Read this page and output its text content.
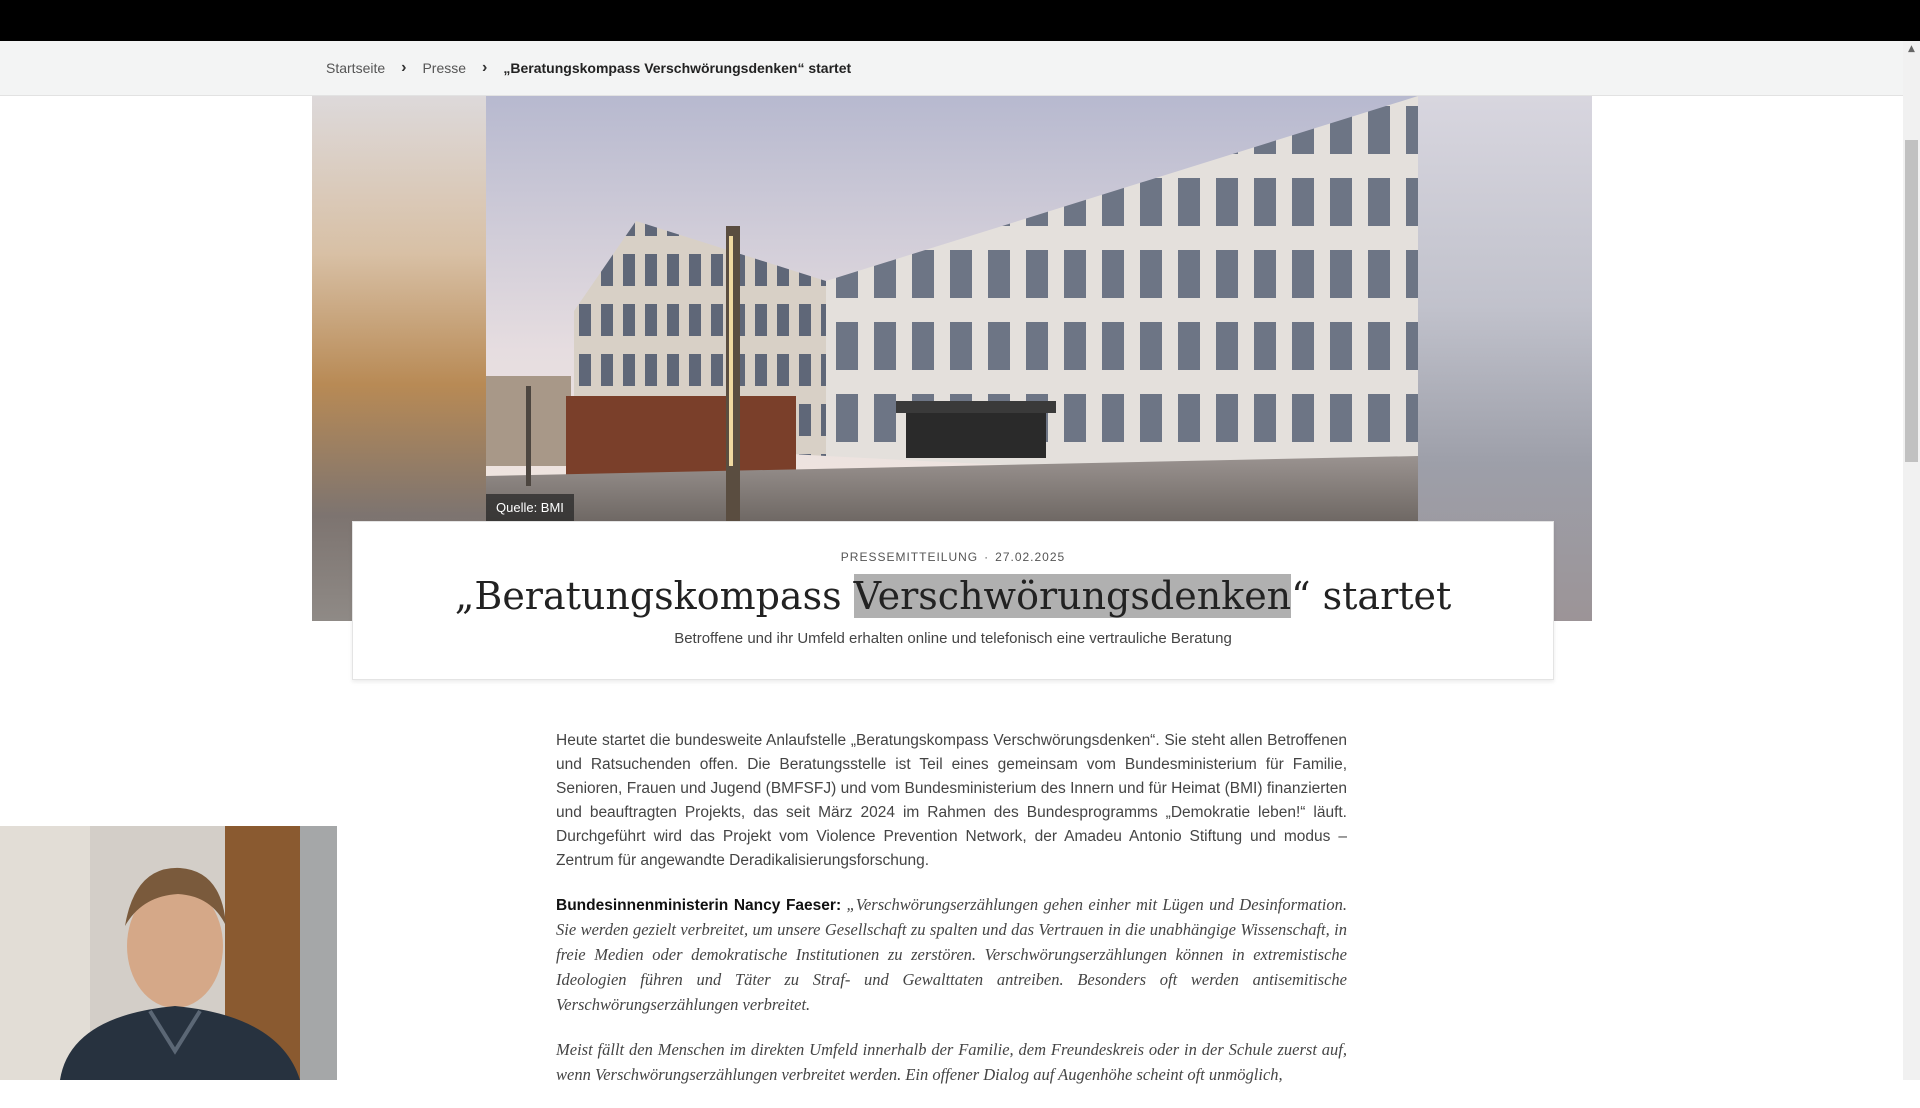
Startseite › Presse › „Beratungskompass Verschwörungsdenken“ startet
Quelle: BMI
PRESSEMITTEILUNG · 27.02.2025
„Beratungskompass Verschwörungsdenken“ startet
Betroffene und ihr Umfeld erhalten online und telefonisch eine vertrauliche Beratung

Heute startet die bundesweite Anlaufstelle „Beratungskompass Verschwörungsdenken“. Sie steht allen Betroffenen und Ratsuchenden offen. Die Beratungsstelle ist Teil eines gemeinsam vom Bundesministerium für Familie, Senioren, Frauen und Jugend (BMFSFJ) und vom Bundesministerium des Innern und für Heimat (BMI) finanzierten und beauftragten Projekts, das seit März 2024 im Rahmen des Bundesprogramms „Demokratie leben!“ läuft. Durchgeführt wird das Projekt vom Violence Prevention Network, der Amadeu Antonio Stiftung und modus – Zentrum für angewandte Deradikalisierungsforschung.

Bundesinnenministerin Nancy Faeser: „Verschwörungserzählungen gehen einher mit Lügen und Desinformation. Sie werden gezielt verbreitet, um unsere Gesellschaft zu spalten und das Vertrauen in die unabhängige Wissenschaft, in freie Medien oder demokratische Institutionen zu zerstören. Verschwörungserzählungen können in extremistische Ideologien führen und Täter zu Straf- und Gewalttaten antreiben. Besonders oft werden antisemitische Verschwörungserzählungen verbreitet.

Meist fällt den Menschen im direkten Umfeld innerhalb der Familie, dem Freundeskreis oder in der Schule zuerst auf, wenn Verschwörungserzählungen verbreitet werden. Ein offener Dialog auf Augenhöhe scheint oft unmöglich,

▲
